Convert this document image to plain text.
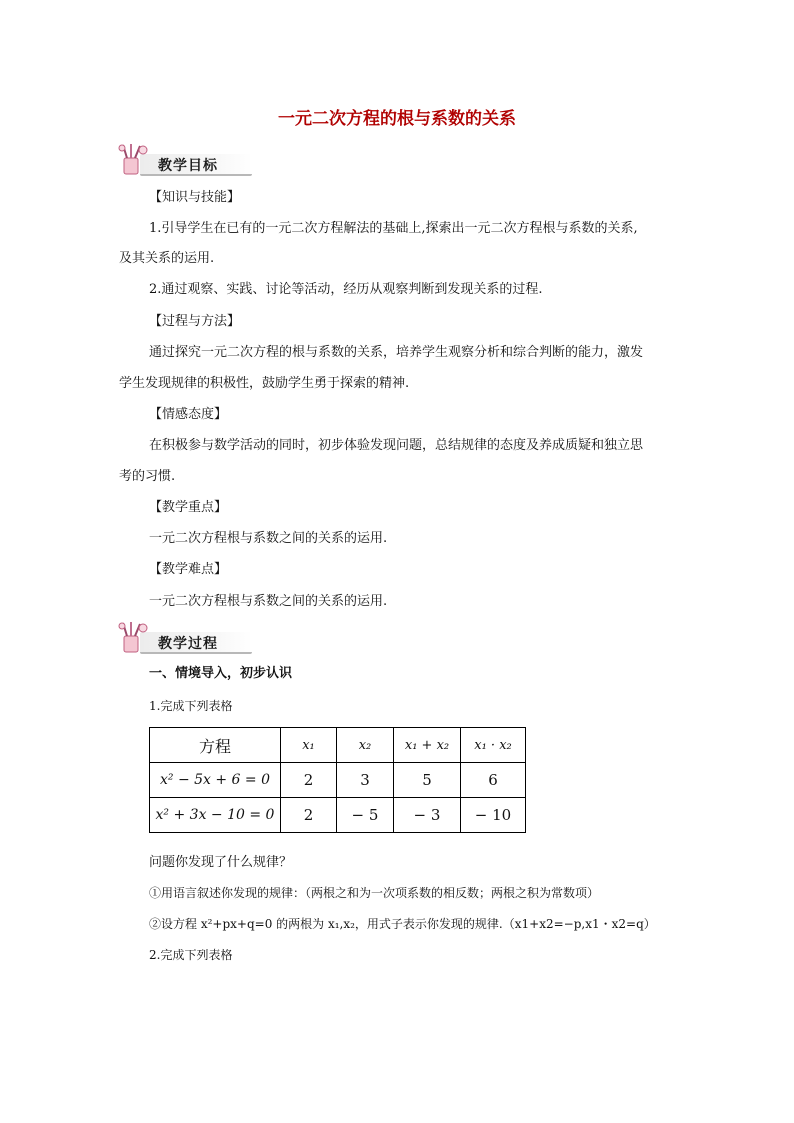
一元二次方程的根与系数的关系
教学目标
【知识与技能】
1.引导学生在已有的一元二次方程解法的基础上,探索出一元二次方程根与系数的关系,
及其关系的运用.
2.通过观察、实践、讨论等活动，经历从观察判断到发现关系的过程.
【过程与方法】
通过探究一元二次方程的根与系数的关系，培养学生观察分析和综合判断的能力，激发
学生发现规律的积极性，鼓励学生勇于探索的精神.
【情感态度】
在积极参与数学活动的同时，初步体验发现问题，总结规律的态度及养成质疑和独立思
考的习惯.
【教学重点】
一元二次方程根与系数之间的关系的运用.
【教学难点】
一元二次方程根与系数之间的关系的运用.
教学过程
一、情境导入，初步认识
1.完成下列表格
方程	x₁	x₂	x₁ + x₂	x₁ · x₂
x² − 5x + 6 = 0	2	3	5	6
x² + 3x − 10 = 0	2	− 5	− 3	− 10
问题你发现了什么规律？
①用语言叙述你发现的规律：（两根之和为一次项系数的相反数；两根之积为常数项）
②设方程 x²+px+q=0 的两根为 x₁,x₂，用式子表示你发现的规律.（x1+x2=−p,x1・x2=q）
2.完成下列表格
